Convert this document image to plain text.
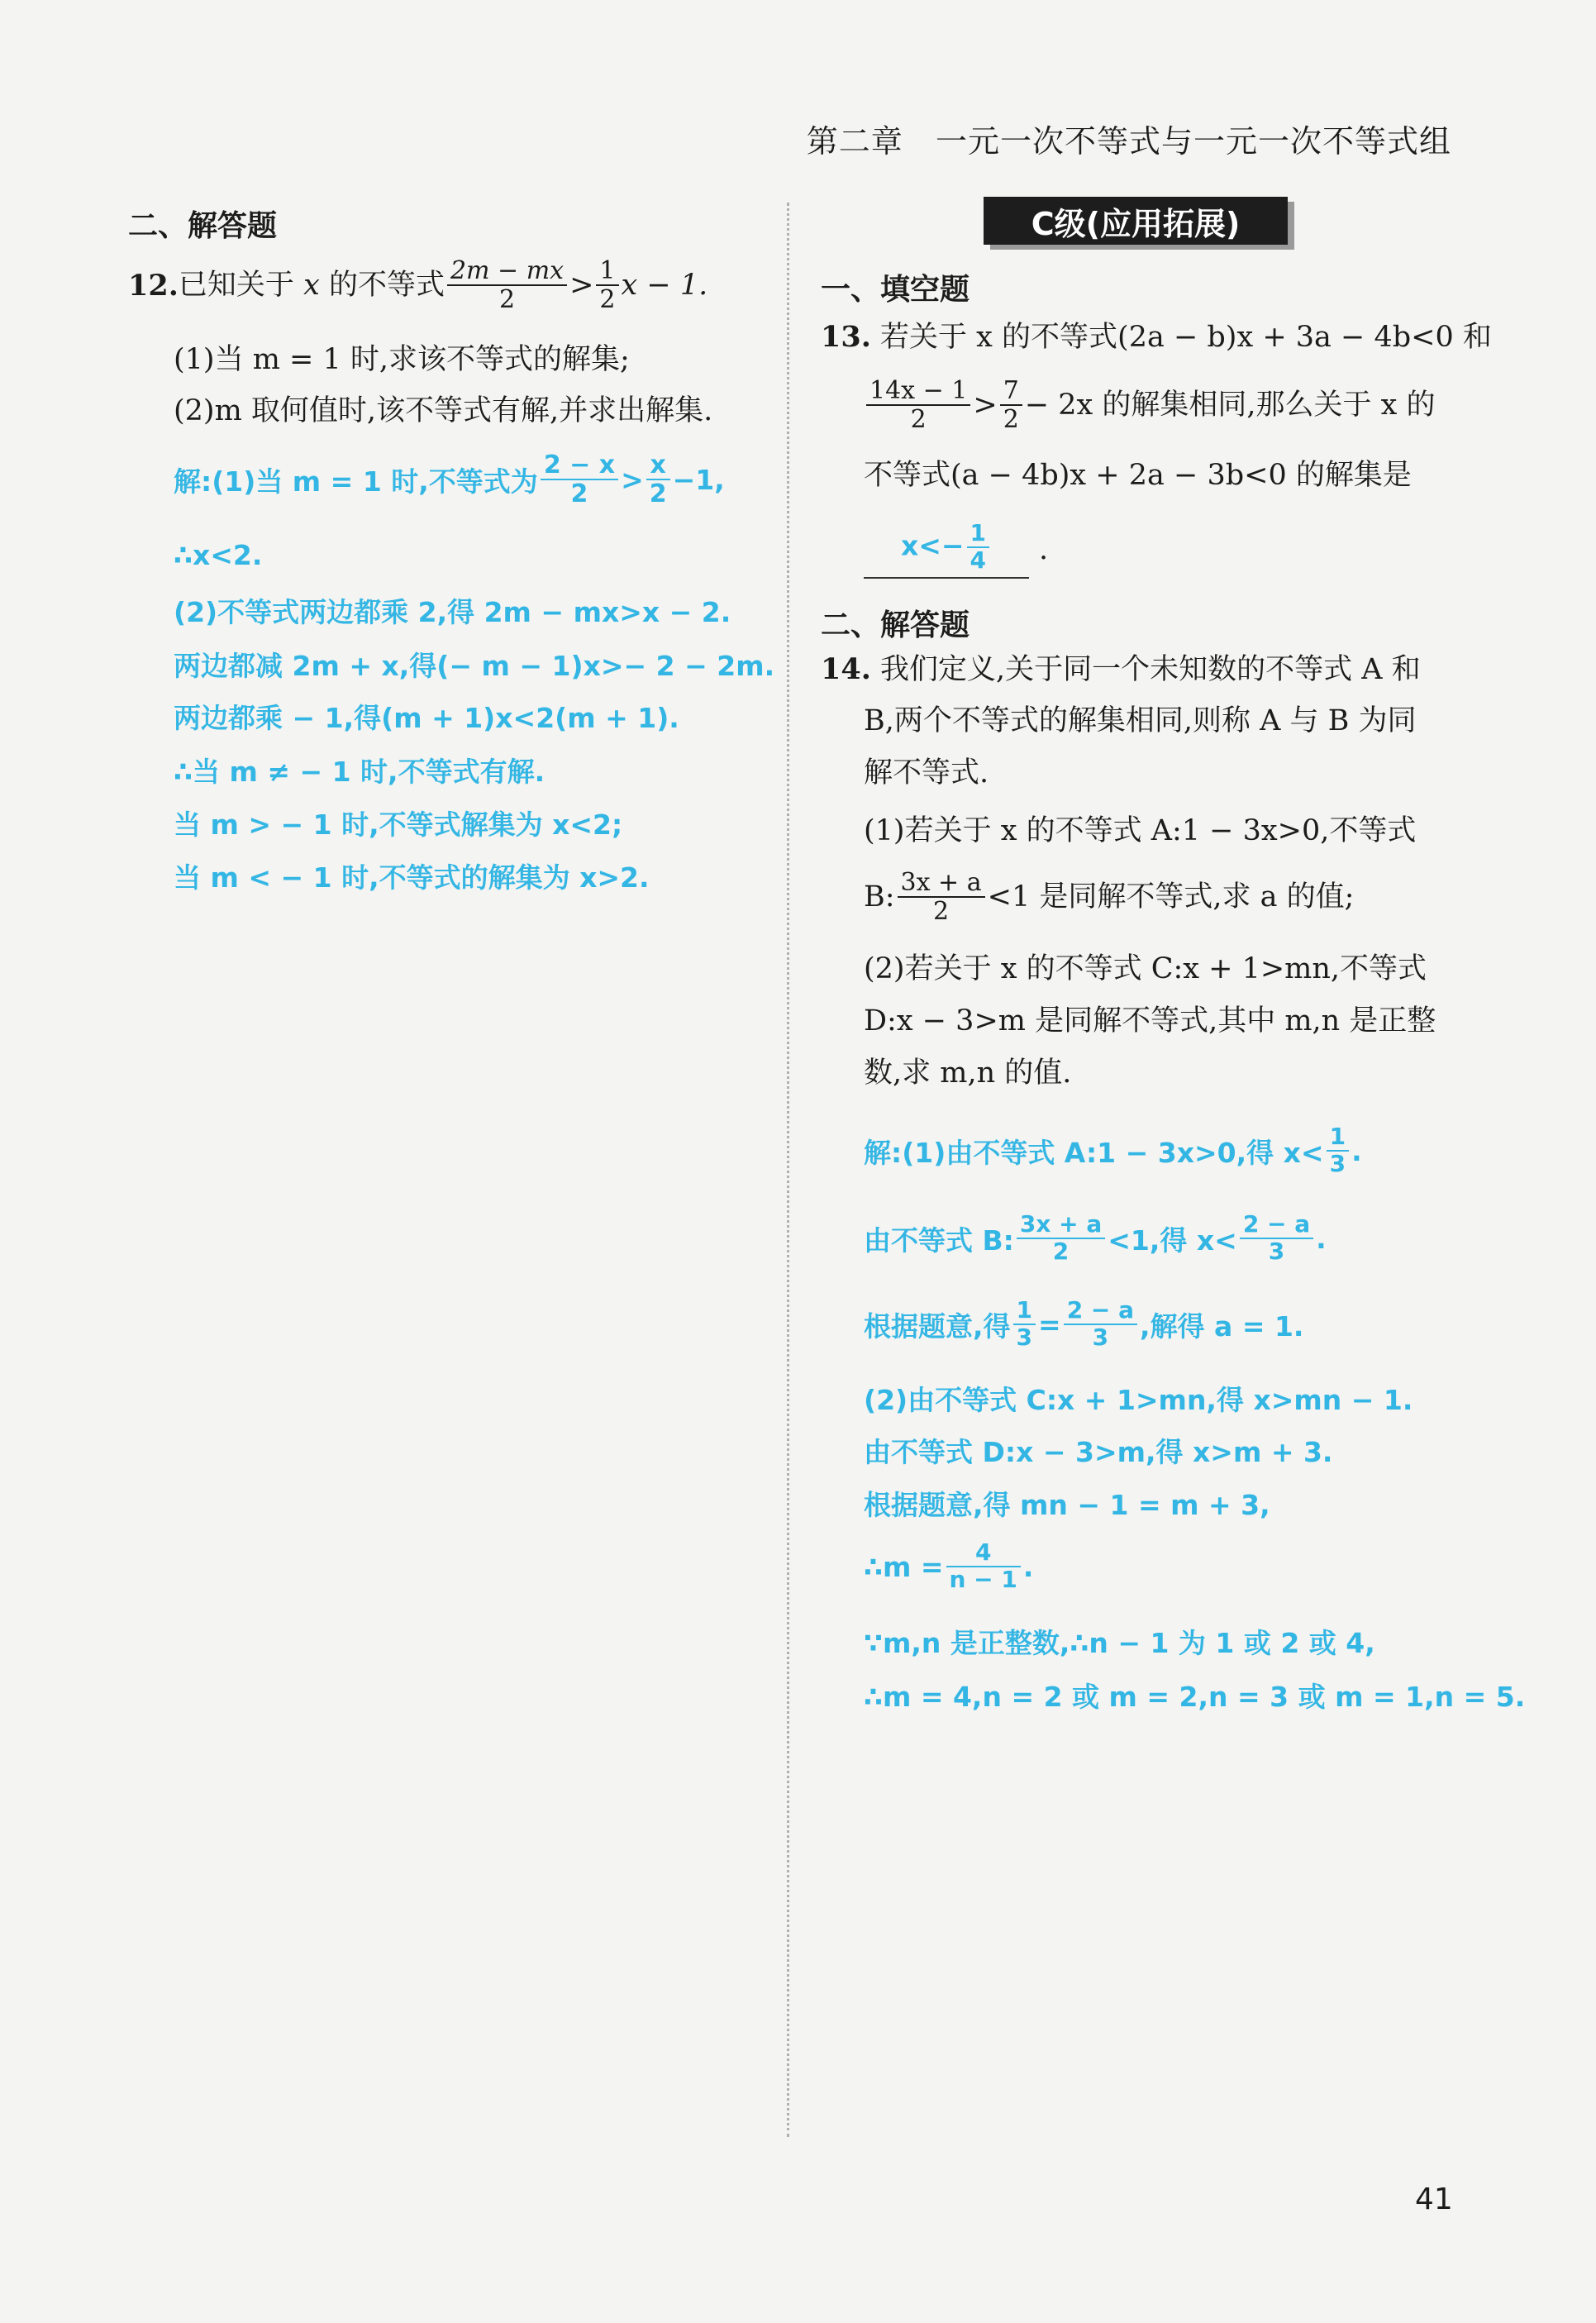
第二章 一元一次不等式与一元一次不等式组
二、解答题
12. 已知关于
x
的不等式 $\frac{2m - mx}{2} > \frac{1}{2}$ x − 1.
(1)当 m = 1 时,求该不等式的解集;
(2)m 取何值时,该不等式有解,并求出解集.
解:(1)当 m = 1 时,不等式为 $\frac{2 - x}{2} > \frac{x}{2} -1$,
∴x<2.
(2)不等式两边都乘 2,得 2m − mx>x − 2.
两边都减 2m + x,得(− m − 1)x>− 2 − 2m.
两边都乘 − 1,得(m + 1)x<2(m + 1).
∴当 m ≠ − 1 时,不等式有解.
当 m > − 1 时,不等式解集为 x<2;
当 m < − 1 时,不等式的解集为 x>2.
C级(应用拓展)
一、填空题
13. 若关于 x 的不等式(2a − b)x + 3a − 4b<0 和
$\frac{14x - 1}{2} > \frac{7}{2} - 2x$ 的解集相同,那么关于 x 的
不等式(a − 4b)x + 2a − 3b<0 的解集是
$x<- \frac{1}{4}$ .
二、解答题
14. 我们定义,关于同一个未知数的不等式 A 和
B,两个不等式的解集相同,则称 A 与 B 为同
解不等式.
(1)若关于 x 的不等式 A:1 − 3x>0,不等式
B: $\frac{3x + a}{2} <1$ 是同解不等式,求 a 的值;
(2)若关于 x 的不等式 C:x + 1>mn,不等式
D:x − 3>m 是同解不等式,其中 m,n 是正整
数,求 m,n 的值.
解:(1)由不等式 A:1 − 3x>0,得 $x< \frac{1}{3}$ .
由不等式 B: $\frac{3x + a}{2} <1$,得 $x< \frac{2 - a}{3}$ .
根据题意,得 $\frac{1}{3} = \frac{2 - a}{3}$ ,解得 a = 1.
(2)由不等式 C:x + 1>mn,得 x>mn − 1.
由不等式 D:x − 3>m,得 x>m + 3.
根据题意,得 mn − 1 = m + 3,
∴m = $\frac{4}{n - 1}$ .
∵m,n 是正整数,∴n − 1 为 1 或 2 或 4,
∴m = 4,n = 2 或 m = 2,n = 3 或 m = 1,n = 5.
41
